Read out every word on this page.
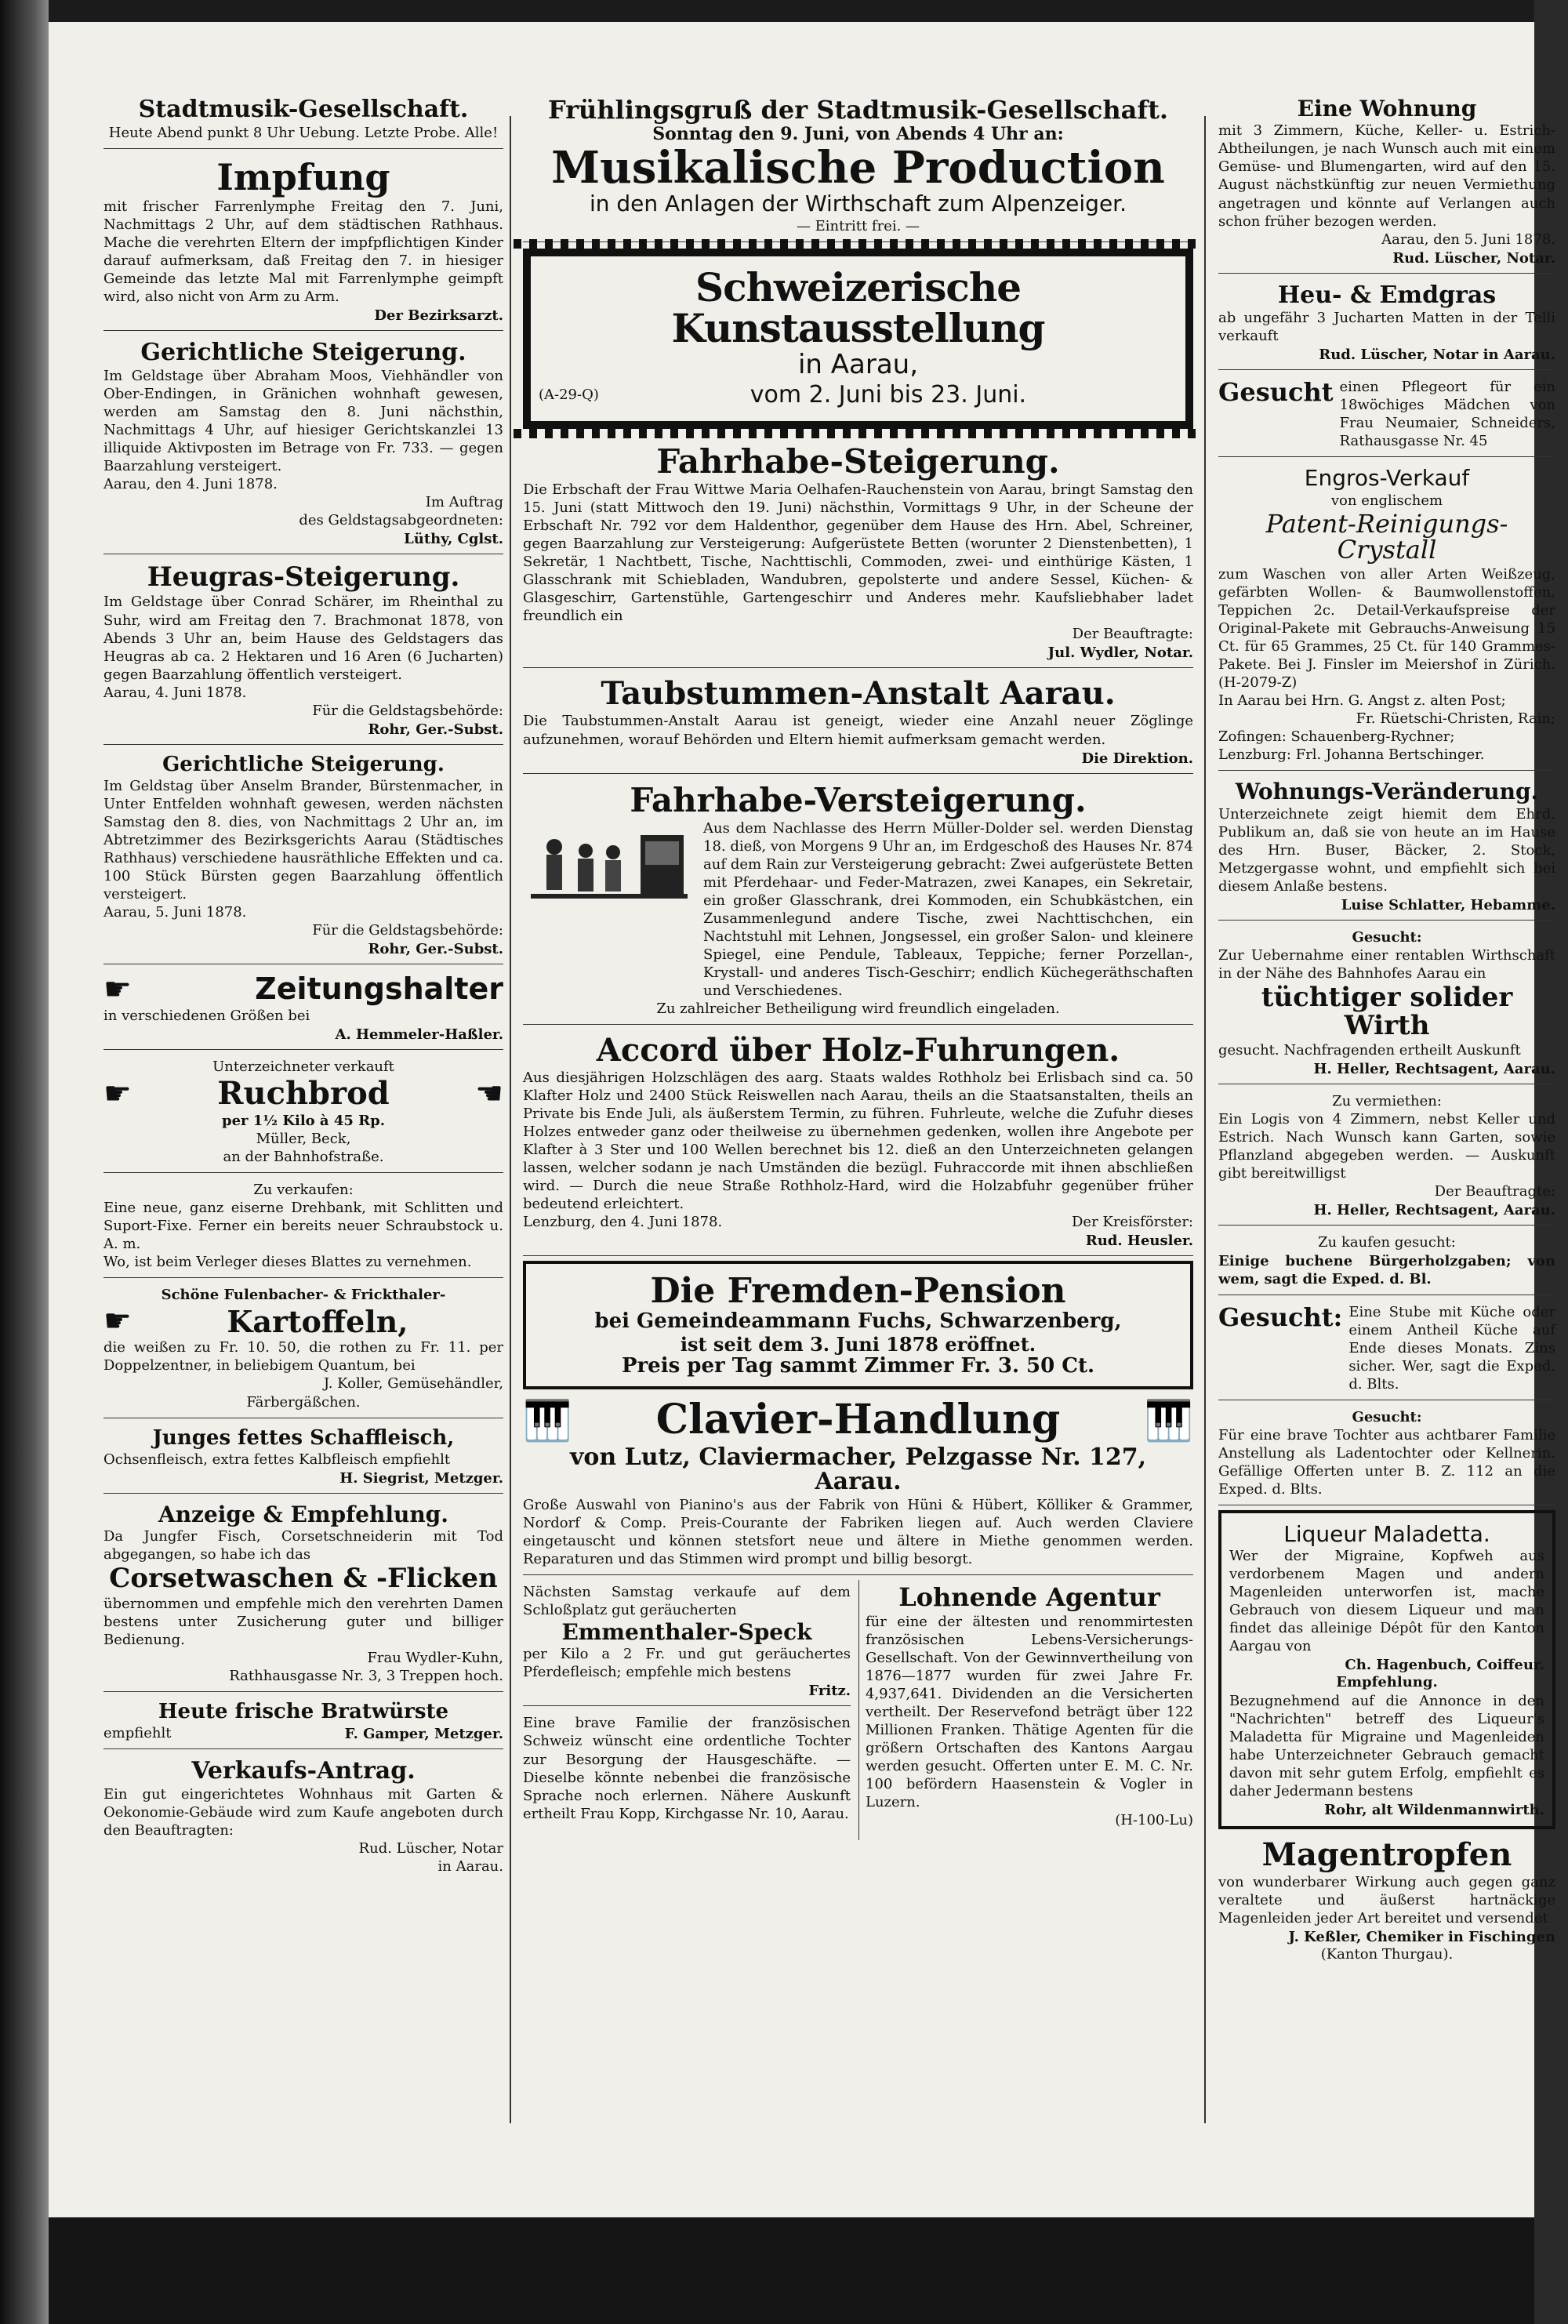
Stadtmusik-Gesellschaft.
Heute Abend punkt 8 Uhr Uebung. Letzte Probe. Alle!
Impfung
mit frischer Farrenlymphe Freitag den 7. Juni, Nachmittags 2 Uhr, auf dem städtischen Rathhaus. Mache die verehrten Eltern der impfpflichtigen Kinder darauf aufmerksam, daß Freitag den 7. in hiesiger Gemeinde das letzte Mal mit Farrenlymphe geimpft wird, also nicht von Arm zu Arm.
Der Bezirksarzt.
Gerichtliche Steigerung.
Im Geldstage über Abraham Moos, Viehhändler von Ober-Endingen, in Gränichen wohnhaft gewesen, werden am Samstag den 8. Juni nächsthin, Nachmittags 4 Uhr, auf hiesiger Gerichtskanzlei 13 illiquide Aktivposten im Betrage von Fr. 733. — gegen Baarzahlung versteigert.
Aarau, den 4. Juni 1878.
Im Auftrag
des Geldstagsabgeordneten:
Lüthy, Cglst.
Heugras-Steigerung.
Im Geldstage über Conrad Schärer, im Rheinthal zu Suhr, wird am Freitag den 7. Brachmonat 1878, von Abends 3 Uhr an, beim Hause des Geldstagers das Heugras ab ca. 2 Hektaren und 16 Aren (6 Jucharten) gegen Baarzahlung öffentlich versteigert.
Aarau, 4. Juni 1878.
Für die Geldstagsbehörde:
Rohr, Ger.-Subst.
Gerichtliche Steigerung.
Im Geldstag über Anselm Brander, Bürstenmacher, in Unter Entfelden wohnhaft gewesen, werden nächsten Samstag den 8. dies, von Nachmittags 2 Uhr an, im Abtretzimmer des Bezirksgerichts Aarau (Städtisches Rathhaus) verschiedene hausräthliche Effekten und ca. 100 Stück Bürsten gegen Baarzahlung öffentlich versteigert.
Aarau, 5. Juni 1878.
Für die Geldstagsbehörde:
Rohr, Ger.-Subst.
☛	Zeitungshalter
in verschiedenen Größen bei
A. Hemmeler-Haßler.
Unterzeichneter verkauft
☛	Ruchbrod	☚
per 1½ Kilo à 45 Rp.
Müller, Beck,
an der Bahnhofstraße.
Zu verkaufen:
Eine neue, ganz eiserne Drehbank, mit Schlitten und Suport-Fixe. Ferner ein bereits neuer Schraubstock u. A. m.
Wo, ist beim Verleger dieses Blattes zu vernehmen.
Schöne Fulenbacher- & Frickthaler-
☛	Kartoffeln,
die weißen zu Fr. 10. 50, die rothen zu Fr. 11. per Doppelzentner, in beliebigem Quantum, bei
J. Koller, Gemüsehändler,
Färbergäßchen.
Junges fettes Schaffleisch,
Ochsenfleisch, extra fettes Kalbfleisch empfiehlt
H. Siegrist, Metzger.
Anzeige & Empfehlung.
Da Jungfer Fisch, Corsetschneiderin mit Tod abgegangen, so habe ich das
Corsetwaschen & -Flicken
übernommen und empfehle mich den verehrten Damen bestens unter Zusicherung guter und billiger Bedienung.
Frau Wydler-Kuhn,
Rathhausgasse Nr. 3, 3 Treppen hoch.
Heute frische Bratwürste
empfiehlt	F. Gamper, Metzger.
Verkaufs-Antrag.
Ein gut eingerichtetes Wohnhaus mit Garten & Oekonomie-Gebäude wird zum Kaufe angeboten durch den Beauftragten:
Rud. Lüscher, Notar
in Aarau.
Frühlingsgruß der Stadtmusik-Gesellschaft.
Sonntag den 9. Juni, von Abends 4 Uhr an:
Musikalische Production
in den Anlagen der Wirthschaft zum Alpenzeiger.
— Eintritt frei. —
Schweizerische Kunstausstellung
in Aarau,
(A-29-Q)	vom 2. Juni bis 23. Juni.
Fahrhabe-Steigerung.
Die Erbschaft der Frau Wittwe Maria Oelhafen-Rauchenstein von Aarau, bringt Samstag den 15. Juni (statt Mittwoch den 19. Juni) nächsthin, Vormittags 9 Uhr, in der Scheune der Erbschaft Nr. 792 vor dem Haldenthor, gegenüber dem Hause des Hrn. Abel, Schreiner, gegen Baarzahlung zur Versteigerung: Aufgerüstete Betten (worunter 2 Dienstenbetten), 1 Sekretär, 1 Nachtbett, Tische, Nachttischli, Commoden, zwei- und einthürige Kästen, 1 Glasschrank mit Schiebladen, Wandubren, gepolsterte und andere Sessel, Küchen- & Glasgeschirr, Gartenstühle, Gartengeschirr und Anderes mehr. Kaufsliebhaber ladet freundlich ein
Der Beauftragte:
Jul. Wydler, Notar.
Taubstummen-Anstalt Aarau.
Die Taubstummen-Anstalt Aarau ist geneigt, wieder eine Anzahl neuer Zöglinge aufzunehmen, worauf Behörden und Eltern hiemit aufmerksam gemacht werden.
Die Direktion.
Fahrhabe-Versteigerung.
Aus dem Nachlasse des Herrn Müller-Dolder sel. werden Dienstag 18. dieß, von Morgens 9 Uhr an, im Erdgeschoß des Hauses Nr. 874 auf dem Rain zur Versteigerung gebracht: Zwei aufgerüstete Betten mit Pferdehaar- und Feder-Matrazen, zwei Kanapes, ein Sekretair, ein großer Glasschrank, drei Kommoden, ein Schubkästchen, ein Zusammenlegund andere Tische, zwei Nachttischchen, ein Nachtstuhl mit Lehnen, Jongsessel, ein großer Salon- und kleinere Spiegel, eine Pendule, Tableaux, Teppiche; ferner Porzellan-, Krystall- und anderes Tisch-Geschirr; endlich Küchegeräthschaften und Verschiedenes.
Zu zahlreicher Betheiligung wird freundlich eingeladen.
Accord über Holz-Fuhrungen.
Aus diesjährigen Holzschlägen des aarg. Staats waldes Rothholz bei Erlisbach sind ca. 50 Klafter Holz und 2400 Stück Reiswellen nach Aarau, theils an die Staatsanstalten, theils an Private bis Ende Juli, als äußerstem Termin, zu führen. Fuhrleute, welche die Zufuhr dieses Holzes entweder ganz oder theilweise zu übernehmen gedenken, wollen ihre Angebote per Klafter à 3 Ster und 100 Wellen berechnet bis 12. dieß an den Unterzeichneten gelangen lassen, welcher sodann je nach Umständen die bezügl. Fuhraccorde mit ihnen abschließen wird. — Durch die neue Straße Rothholz-Hard, wird die Holzabfuhr gegenüber früher bedeutend erleichtert.
Lenzburg, den 4. Juni 1878.	Der Kreisförster:
Rud. Heusler.
Die Fremden-Pension
bei Gemeindeammann Fuchs, Schwarzenberg,
ist seit dem 3. Juni 1878 eröffnet.
Preis per Tag sammt Zimmer Fr. 3. 50 Ct.
🎹 Clavier-Handlung 🎹
von Lutz, Claviermacher, Pelzgasse Nr. 127, Aarau.
Große Auswahl von Pianino's aus der Fabrik von Hüni & Hübert, Kölliker & Grammer, Nordorf & Comp. Preis-Courante der Fabriken liegen auf. Auch werden Claviere eingetauscht und können stetsfort neue und ältere in Miethe genommen werden. Reparaturen und das Stimmen wird prompt und billig besorgt.
Nächsten Samstag verkaufe auf dem Schloßplatz gut geräucherten
Emmenthaler-Speck
per Kilo a 2 Fr. und gut geräuchertes Pferdefleisch; empfehle mich bestens
Fritz.
Eine brave Familie der französischen Schweiz wünscht eine ordentliche Tochter zur Besorgung der Hausgeschäfte. — Dieselbe könnte nebenbei die französische Sprache noch erlernen. Nähere Auskunft ertheilt Frau Kopp, Kirchgasse Nr. 10, Aarau.
Lohnende Agentur
für eine der ältesten und renommirtesten französischen Lebens-Versicherungs-Gesellschaft. Von der Gewinnvertheilung von 1876—1877 wurden für zwei Jahre Fr. 4,937,641. Dividenden an die Versicherten vertheilt. Der Reservefond beträgt über 122 Millionen Franken. Thätige Agenten für die größern Ortschaften des Kantons Aargau werden gesucht. Offerten unter E. M. C. Nr. 100 befördern Haasenstein & Vogler in Luzern.
(H-100-Lu)
Eine Wohnung
mit 3 Zimmern, Küche, Keller- u. Estrich-Abtheilungen, je nach Wunsch auch mit einem Gemüse- und Blumengarten, wird auf den 15. August nächstkünftig zur neuen Vermiethung angetragen und könnte auf Verlangen auch schon früher bezogen werden.
Aarau, den 5. Juni 1878.
Rud. Lüscher, Notar.
Heu- & Emdgras
ab ungefähr 3 Jucharten Matten in der Telli verkauft
Rud. Lüscher, Notar in Aarau.
Gesucht einen Pflegeort für ein 18wöchiges Mädchen von Frau Neumaier, Schneiders, Rathausgasse Nr. 45
Engros-Verkauf
von englischem
Patent-Reinigungs-Crystall
zum Waschen von aller Arten Weißzeug, gefärbten Wollen- & Baumwollenstoffen, Teppichen 2c. Detail-Verkaufspreise der Original-Pakete mit Gebrauchs-Anweisung 15 Ct. für 65 Grammes, 25 Ct. für 140 Grammes-Pakete. Bei J. Finsler im Meiershof in Zürich. (H-2079-Z)
In Aarau bei Hrn. G. Angst z. alten Post;
Fr. Rüetschi-Christen, Rain;
Zofingen: Schauenberg-Rychner;
Lenzburg: Frl. Johanna Bertschinger.
Wohnungs-Veränderung.
Unterzeichnete zeigt hiemit dem Ehrd. Publikum an, daß sie von heute an im Hause des Hrn. Buser, Bäcker, 2. Stock, Metzgergasse wohnt, und empfiehlt sich bei diesem Anlaße bestens.
Luise Schlatter, Hebamme.
Gesucht:
Zur Uebernahme einer rentablen Wirthschaft in der Nähe des Bahnhofes Aarau ein
tüchtiger solider Wirth
gesucht. Nachfragenden ertheilt Auskunft
H. Heller, Rechtsagent, Aarau.
Zu vermiethen:
Ein Logis von 4 Zimmern, nebst Keller und Estrich. Nach Wunsch kann Garten, sowie Pflanzland abgegeben werden. — Auskunft gibt bereitwilligst
Der Beauftragte:
H. Heller, Rechtsagent, Aarau.
Zu kaufen gesucht:
Einige buchene Bürgerholzgaben; von wem, sagt die Exped. d. Bl.
Gesucht: Eine Stube mit Küche oder einem Antheil Küche auf Ende dieses Monats. Zins sicher. Wer, sagt die Exped. d. Blts.
Gesucht:
Für eine brave Tochter aus achtbarer Familie Anstellung als Ladentochter oder Kellnerin. Gefällige Offerten unter B. Z. 112 an die Exped. d. Blts.
Liqueur Maladetta.
Wer der Migraine, Kopfweh aus verdorbenem Magen und andern Magenleiden unterworfen ist, mache Gebrauch von diesem Liqueur und man findet das alleinige Dépôt für den Kanton Aargau von
Ch. Hagenbuch, Coiffeur.
Empfehlung.
Bezugnehmend auf die Annonce in den "Nachrichten" betreff des Liqueur's Maladetta für Migraine und Magenleiden habe Unterzeichneter Gebrauch gemacht davon mit sehr gutem Erfolg, empfiehlt es daher Jedermann bestens
Rohr, alt Wildenmannwirth.
Magentropfen
von wunderbarer Wirkung auch gegen ganz veraltete und äußerst hartnäckige Magenleiden jeder Art bereitet und versendet
J. Keßler, Chemiker in Fischingen
(Kanton Thurgau).
